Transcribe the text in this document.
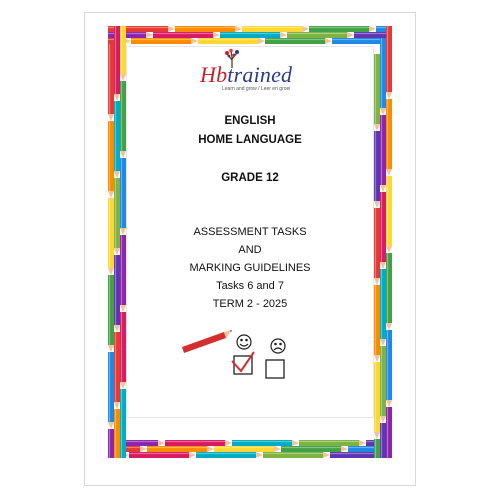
Hbtrained
Learn and grow / Leer en groei
ENGLISH
HOME LANGUAGE
GRADE 12
ASSESSMENT TASKS
AND
MARKING GUIDELINES
Tasks 6 and 7
TERM 2 - 2025
